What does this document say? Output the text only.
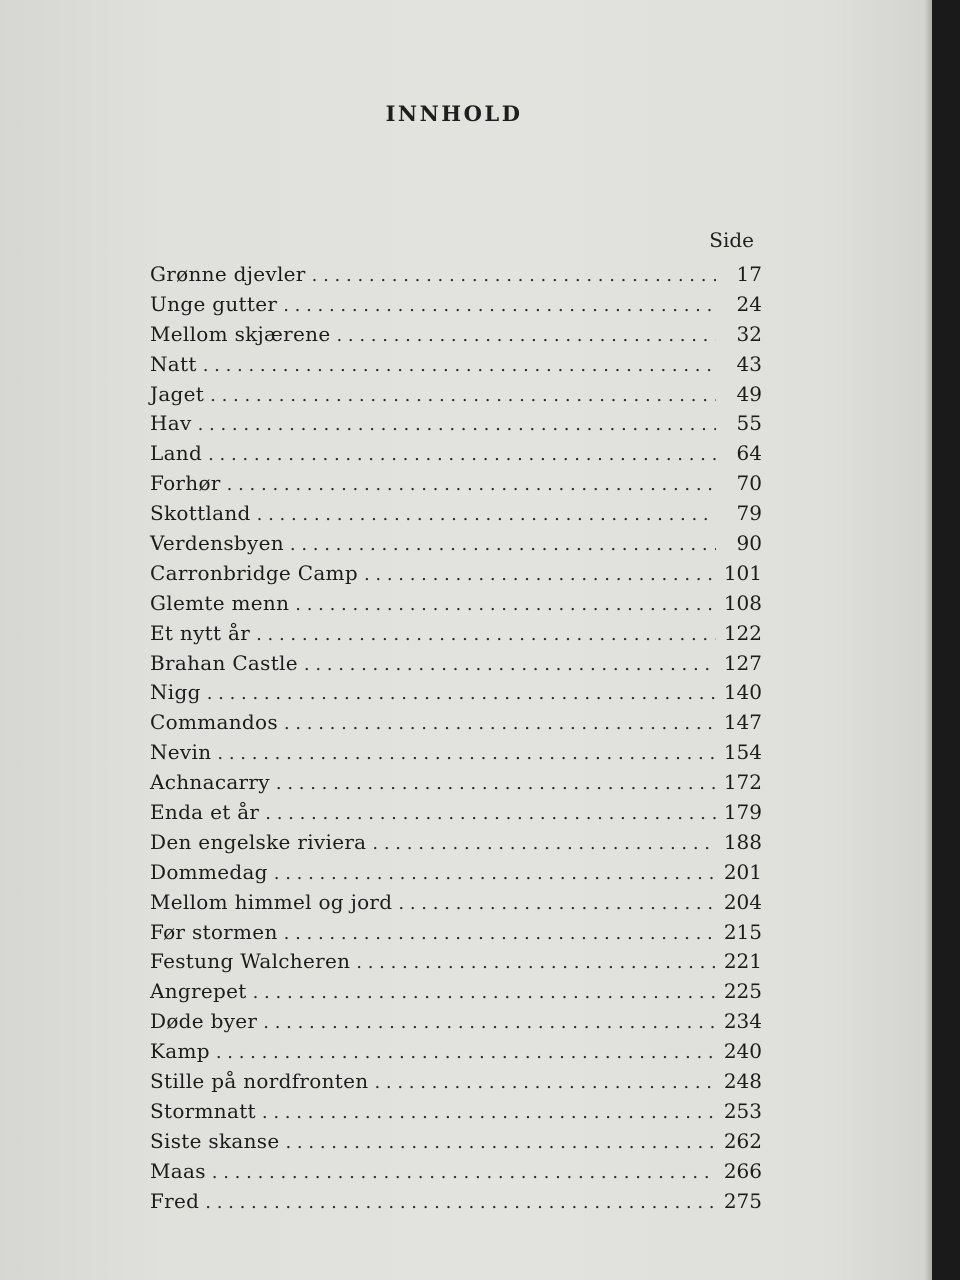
INNHOLD
Side
Grønne djevler . . .	17
Unge gutter . . .	24
Mellom skjærene . . .	32
Natt . . .	43
Jaget . . .	49
Hav . . .	55
Land . . .	64
Forhør . . .	70
Skottland . . .	79
Verdensbyen . . .	90
Carronbridge Camp . . .	101
Glemte menn . . .	108
Et nytt år . . .	122
Brahan Castle . . .	127
Nigg . . .	140
Commandos . . .	147
Nevin . . .	154
Achnacarry . . .	172
Enda et år . . .	179
Den engelske riviera . . .	188
Dommedag . . .	201
Mellom himmel og jord . . .	204
Før stormen . . .	215
Festung Walcheren . . .	221
Angrepet . . .	225
Døde byer . . .	234
Kamp . . .	240
Stille på nordfronten . . .	248
Stormnatt . . .	253
Siste skanse . . .	262
Maas . . .	266
Fred . . .	275
